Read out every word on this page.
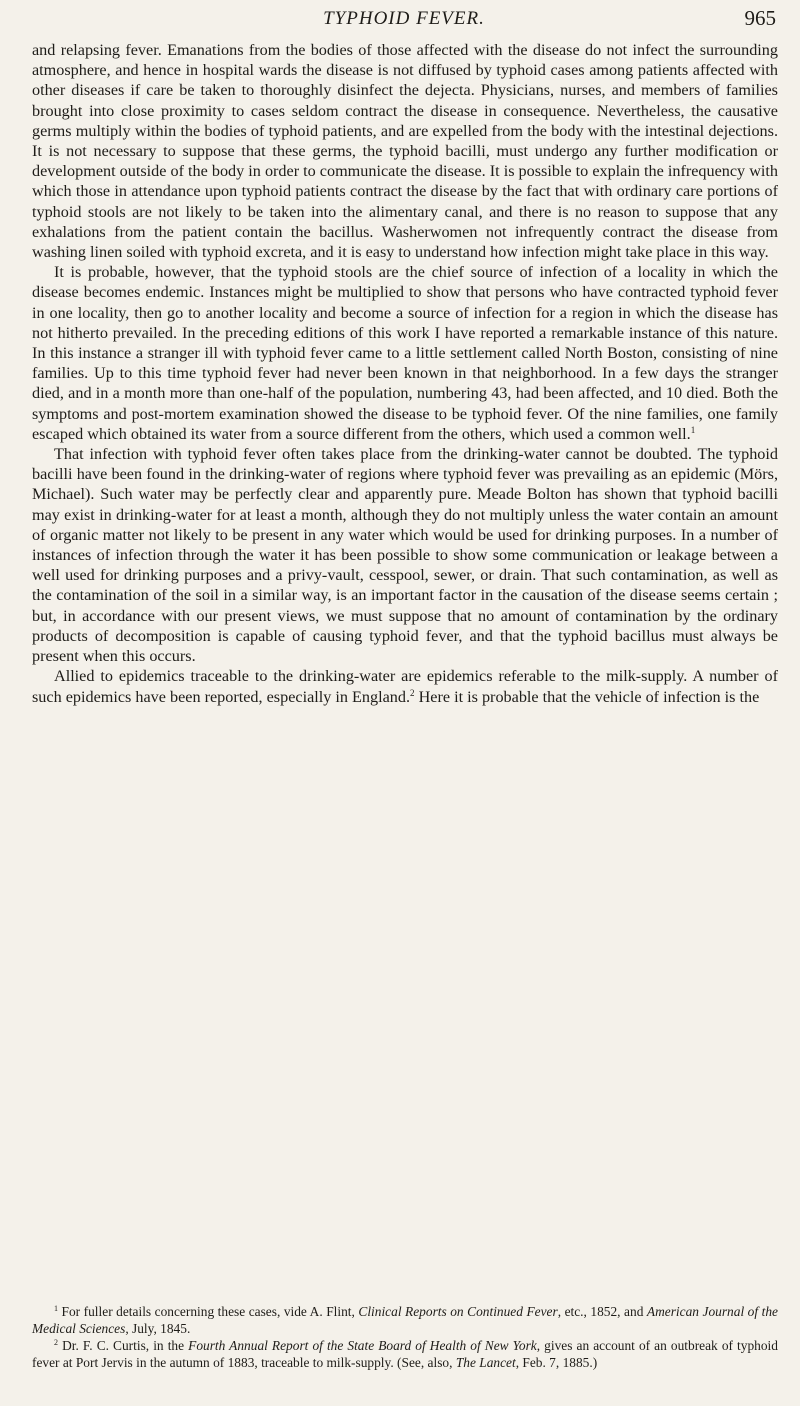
TYPHOID FEVER.	965

and relapsing fever. Emanations from the bodies of those affected with the disease do not infect the surrounding atmosphere, and hence in hospital wards the disease is not diffused by typhoid cases among patients affected with other diseases if care be taken to thoroughly disinfect the dejecta. Physicians, nurses, and members of families brought into close proximity to cases seldom contract the disease in consequence. Nevertheless, the causative germs multiply within the bodies of typhoid patients, and are expelled from the body with the intestinal dejections. It is not necessary to suppose that these germs, the typhoid bacilli, must undergo any further modification or development outside of the body in order to communicate the disease. It is possible to explain the infrequency with which those in attendance upon typhoid patients contract the disease by the fact that with ordinary care portions of typhoid stools are not likely to be taken into the alimentary canal, and there is no reason to suppose that any exhalations from the patient contain the bacillus. Washerwomen not infrequently contract the disease from washing linen soiled with typhoid excreta, and it is easy to understand how infection might take place in this way.

It is probable, however, that the typhoid stools are the chief source of infection of a locality in which the disease becomes endemic. Instances might be multiplied to show that persons who have contracted typhoid fever in one locality, then go to another locality and become a source of infection for a region in which the disease has not hitherto prevailed. In the preceding editions of this work I have reported a remarkable instance of this nature. In this instance a stranger ill with typhoid fever came to a little settlement called North Boston, consisting of nine families. Up to this time typhoid fever had never been known in that neighborhood. In a few days the stranger died, and in a month more than one-half of the population, numbering 43, had been affected, and 10 died. Both the symptoms and post-mortem examination showed the disease to be typhoid fever. Of the nine families, one family escaped which obtained its water from a source different from the others, which used a common well.$^1$

That infection with typhoid fever often takes place from the drinking-water cannot be doubted. The typhoid bacilli have been found in the drinking-water of regions where typhoid fever was prevailing as an epidemic (Mörs, Michael). Such water may be perfectly clear and apparently pure. Meade Bolton has shown that typhoid bacilli may exist in drinking-water for at least a month, although they do not multiply unless the water contain an amount of organic matter not likely to be present in any water which would be used for drinking purposes. In a number of instances of infection through the water it has been possible to show some communication or leakage between a well used for drinking purposes and a privy-vault, cesspool, sewer, or drain. That such contamination, as well as the contamination of the soil in a similar way, is an important factor in the causation of the disease seems certain ; but, in accordance with our present views, we must suppose that no amount of contamination by the ordinary products of decomposition is capable of causing typhoid fever, and that the typhoid bacillus must always be present when this occurs.

Allied to epidemics traceable to the drinking-water are epidemics referable to the milk-supply. A number of such epidemics have been reported, especially in England.$^2$ Here it is probable that the vehicle of infection is the

$^1$ For fuller details concerning these cases, vide A. Flint, Clinical Reports on Continued Fever, etc., 1852, and American Journal of the Medical Sciences, July, 1845.

$^2$ Dr. F. C. Curtis, in the Fourth Annual Report of the State Board of Health of New York, gives an account of an outbreak of typhoid fever at Port Jervis in the autumn of 1883, traceable to milk-supply. (See, also, The Lancet, Feb. 7, 1885.)
